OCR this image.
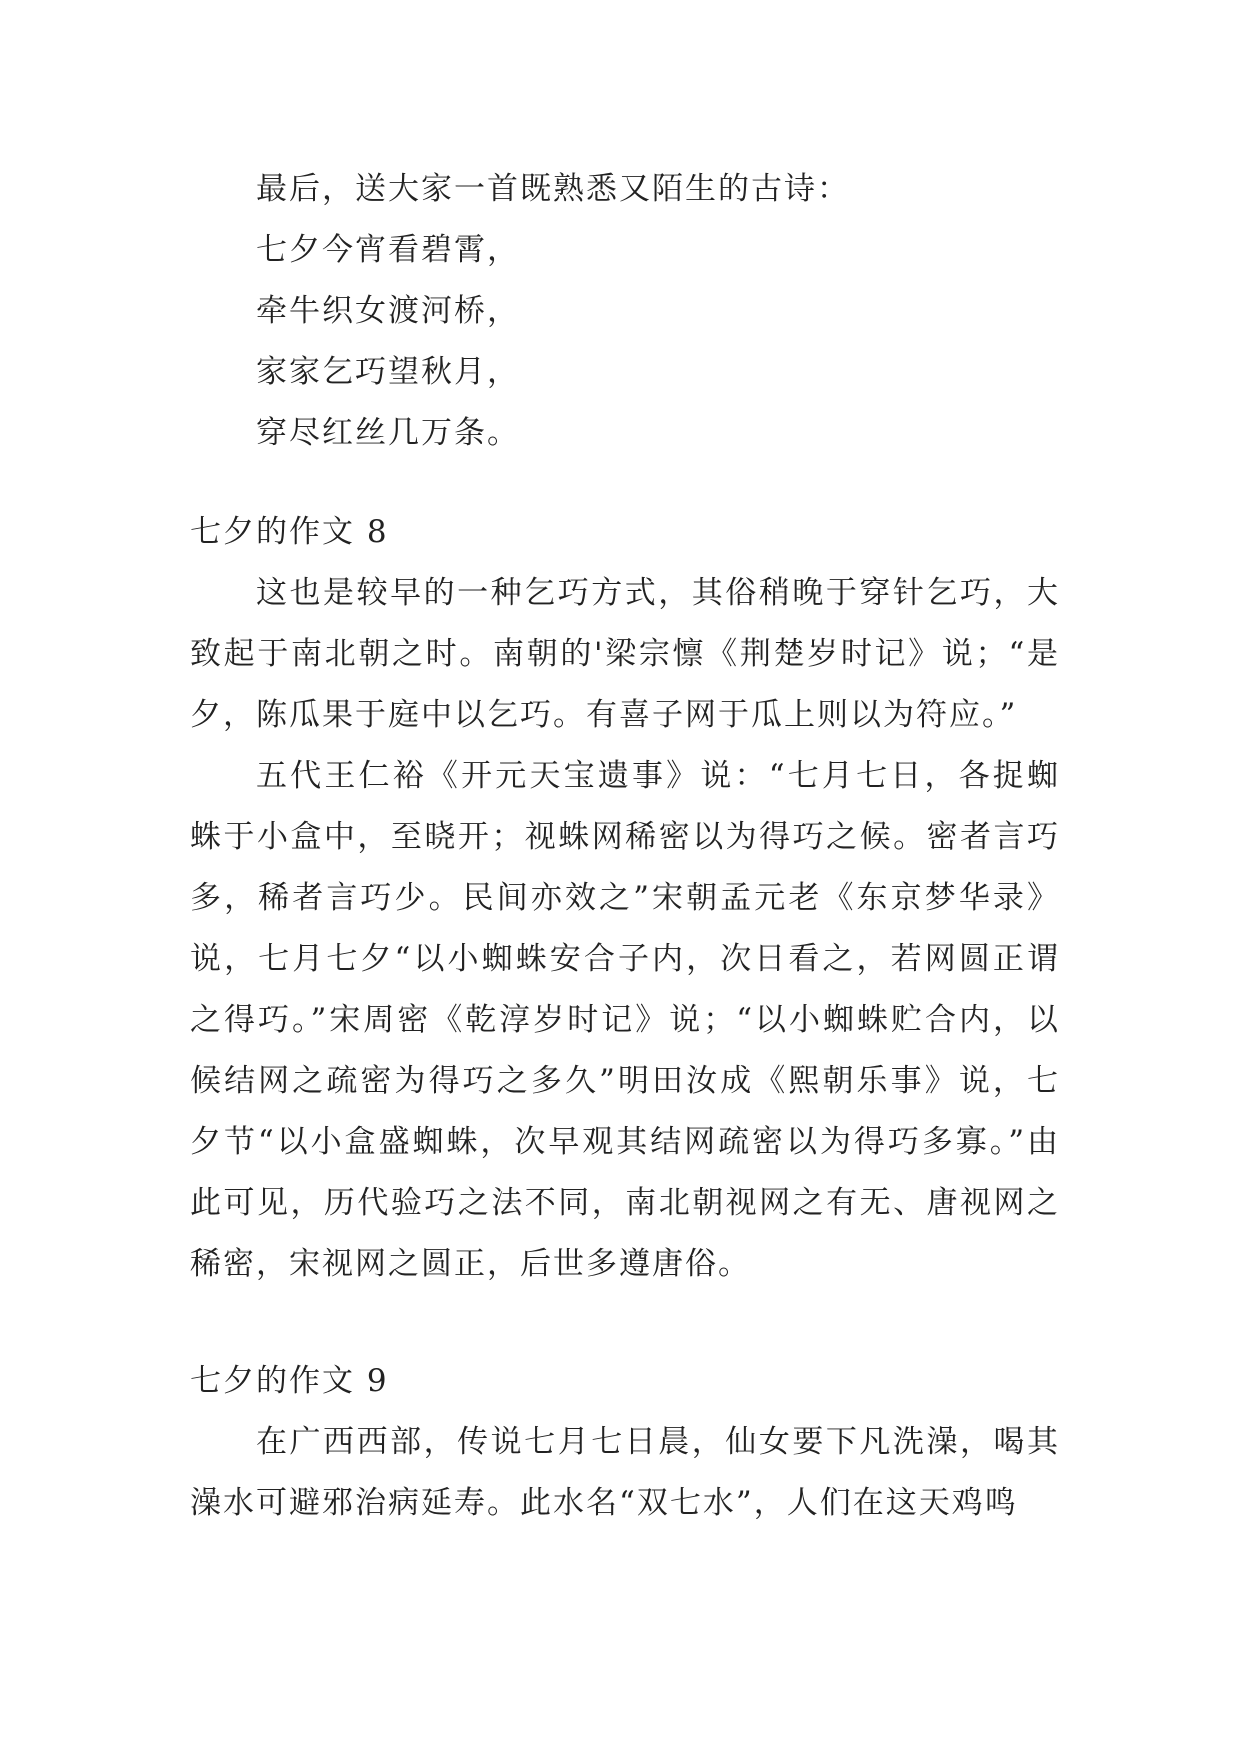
最后，送大家一首既熟悉又陌生的古诗：

七夕今宵看碧霄，

牵牛织女渡河桥，

家家乞巧望秋月，

穿尽红丝几万条。

七夕的作文 8

这也是较早的一种乞巧方式，其俗稍晚于穿针乞巧，大致起于南北朝之时。南朝的'梁宗懔《荆楚岁时记》说；“是夕，陈瓜果于庭中以乞巧。有喜子网于瓜上则以为符应。”

五代王仁裕《开元天宝遗事》说：“七月七日，各捉蜘蛛于小盒中，至晓开；视蛛网稀密以为得巧之候。密者言巧多，稀者言巧少。民间亦效之”宋朝孟元老《东京梦华录》说，七月七夕“以小蜘蛛安合子内，次日看之，若网圆正谓之得巧。”宋周密《乾淳岁时记》说；“以小蜘蛛贮合内，以候结网之疏密为得巧之多久”明田汝成《熙朝乐事》说，七夕节“以小盒盛蜘蛛，次早观其结网疏密以为得巧多寡。”由此可见，历代验巧之法不同，南北朝视网之有无、唐视网之稀密，宋视网之圆正，后世多遵唐俗。

七夕的作文 9

在广西西部，传说七月七日晨，仙女要下凡洗澡，喝其澡水可避邪治病延寿。此水名“双七水”，人们在这天鸡鸣
